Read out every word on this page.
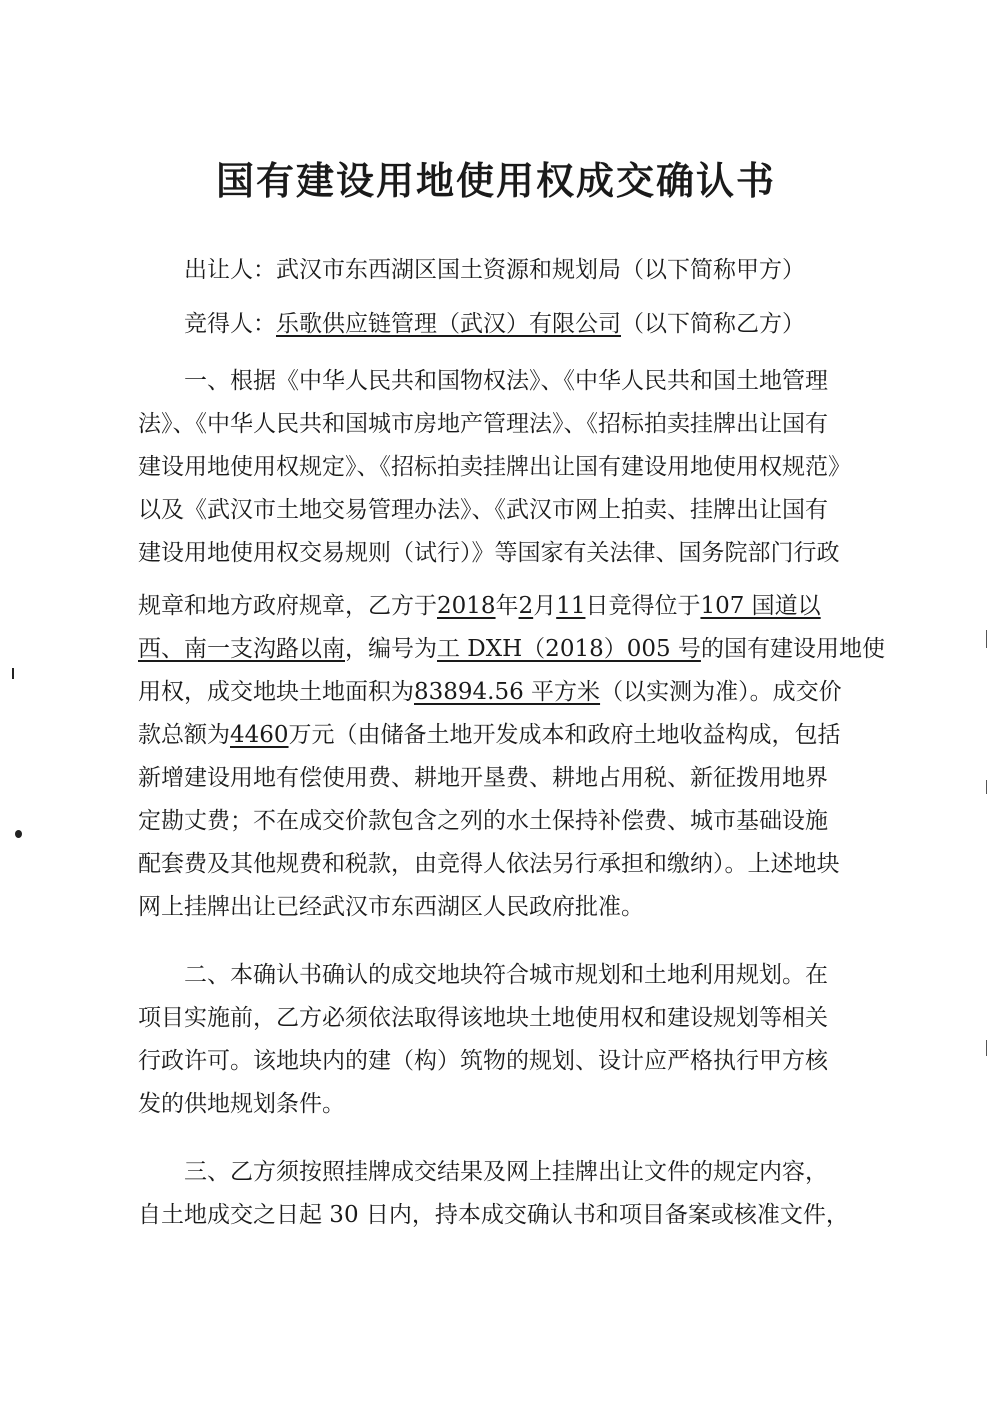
国有建设用地使用权成交确认书
出让人：武汉市东西湖区国土资源和规划局（以下简称甲方）
竞得人：乐歌供应链管理（武汉）有限公司（以下简称乙方）
一、根据《中华人民共和国物权法》、《中华人民共和国土地管理
法》、《中华人民共和国城市房地产管理法》、《招标拍卖挂牌出让国有
建设用地使用权规定》、《招标拍卖挂牌出让国有建设用地使用权规范》
以及《武汉市土地交易管理办法》、《武汉市网上拍卖、挂牌出让国有
建设用地使用权交易规则（试行）》等国家有关法律、国务院部门行政
规章和地方政府规章，乙方于2018年2月11日竞得位于107 国道以
西、南一支沟路以南，编号为工 DXH（2018）005 号的国有建设用地使
用权，成交地块土地面积为83894.56 平方米（以实测为准）。成交价
款总额为4460万元（由储备土地开发成本和政府土地收益构成，包括
新增建设用地有偿使用费、耕地开垦费、耕地占用税、新征拨用地界
定勘丈费；不在成交价款包含之列的水土保持补偿费、城市基础设施
配套费及其他规费和税款，由竞得人依法另行承担和缴纳）。上述地块
网上挂牌出让已经武汉市东西湖区人民政府批准。
二、本确认书确认的成交地块符合城市规划和土地利用规划。在
项目实施前，乙方必须依法取得该地块土地使用权和建设规划等相关
行政许可。该地块内的建（构）筑物的规划、设计应严格执行甲方核
发的供地规划条件。
三、乙方须按照挂牌成交结果及网上挂牌出让文件的规定内容，
自土地成交之日起 30 日内，持本成交确认书和项目备案或核准文件，
